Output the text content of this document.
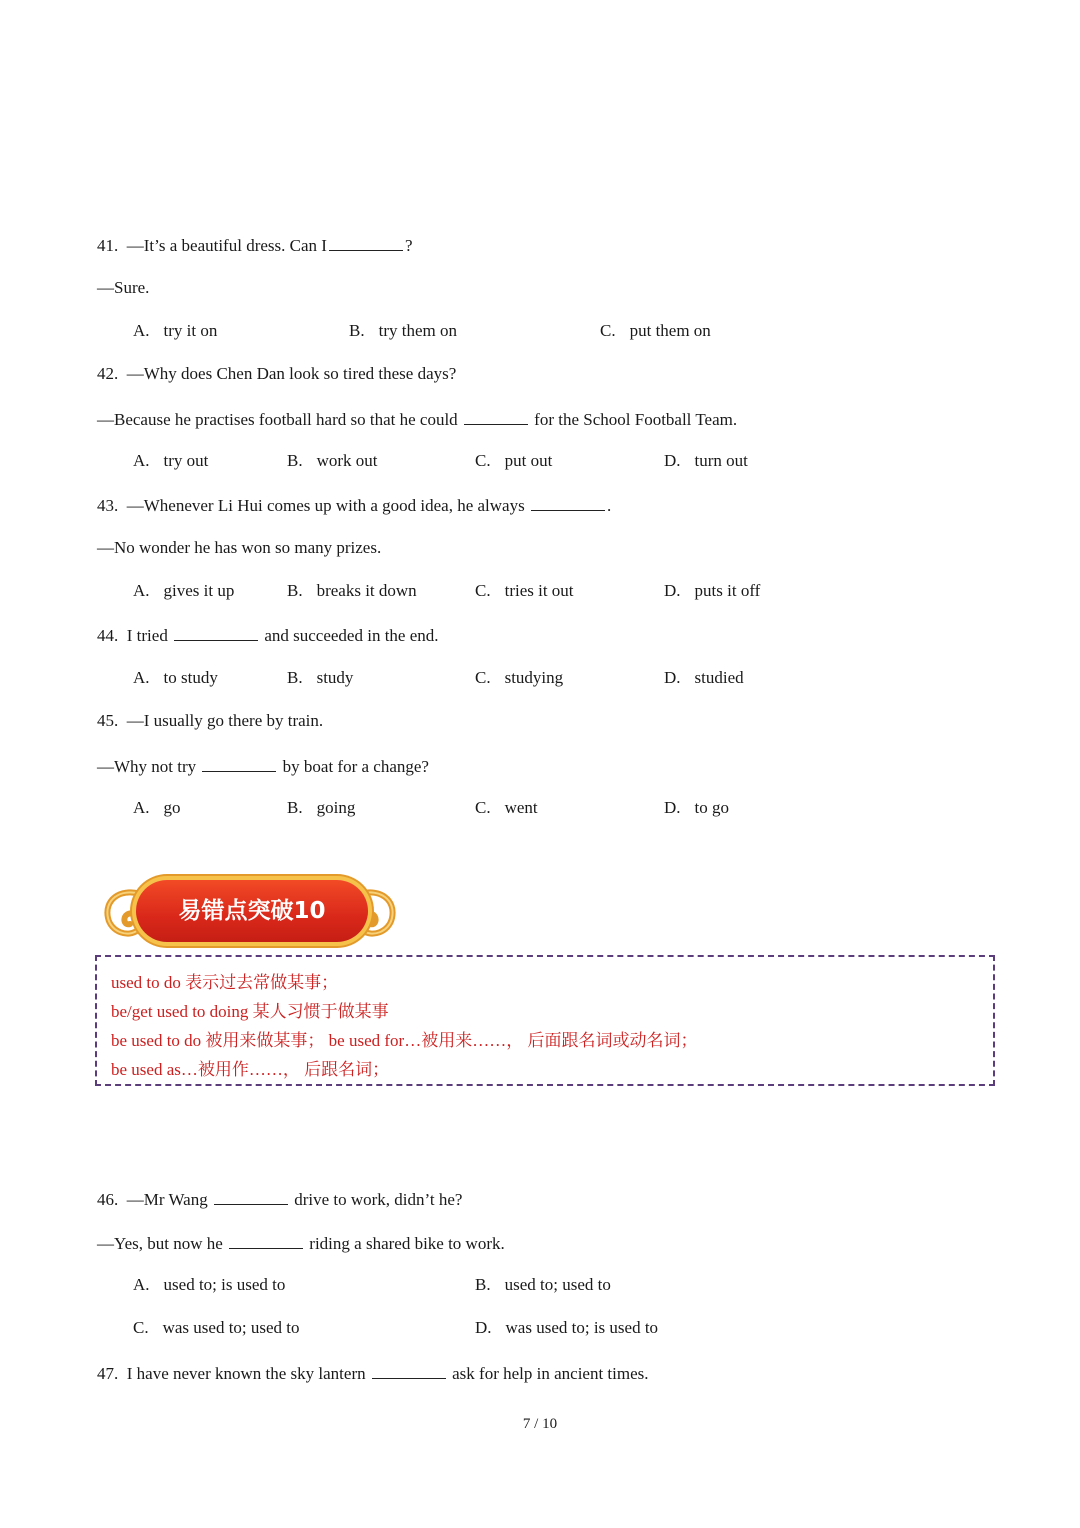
41. —It’s a beautiful dress. Can I	?
—Sure.
A. try it on	B. try them on	C. put them on
42. —Why does Chen Dan look so tired these days?
—Because he practises football hard so that he could	for the School Football Team.
A. try out	B. work out	C. put out	D. turn out
43. —Whenever Li Hui comes up with a good idea, he always	.
—No wonder he has won so many prizes.
A. gives it up	B. breaks it down	C. tries it out	D. puts it off
44. I tried	and succeeded in the end.
A. to study	B. study	C. studying	D. studied
45. —I usually go there by train.
—Why not try	by boat for a change?
A. go	B. going	C. went	D. to go
易错点突破10
used to do 表示过去常做某事；
be/get used to doing 某人习惯于做某事
be used to do 被用来做某事； be used for…被用来……， 后面跟名词或动名词；
be used as…被用作……， 后跟名词；
46. —Mr Wang	drive to work, didn’t he?
—Yes, but now he	riding a shared bike to work.
A. used to; is used to	B. used to; used to
C. was used to; used to	D. was used to; is used to
47. I have never known the sky lantern	ask for help in ancient times.
7 / 10
